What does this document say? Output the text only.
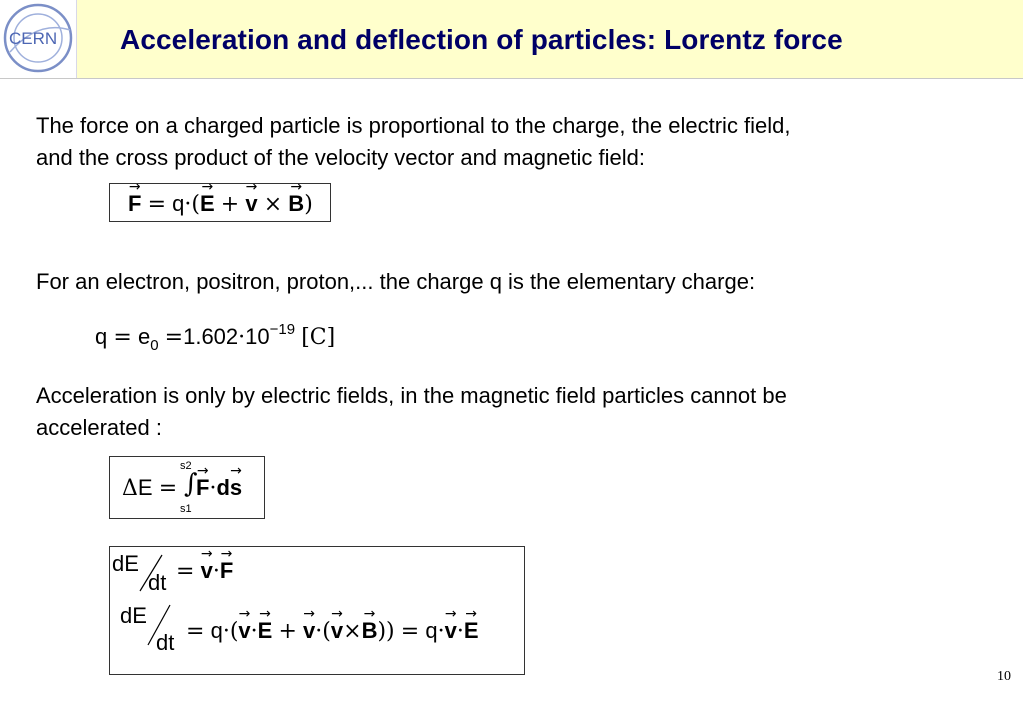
CERN Acceleration and deflection of particles: Lorentz force
The force on a charged particle is proportional to the charge, the electric field,
and the cross product of the velocity vector and magnetic field:
→ F = q·(→ E + → v × → B)
For an electron, positron, proton,... the charge q is the elementary charge:
$q = e_0 =1.602\cdot 10^{-19}$ [C]
Acceleration is only by electric fields, in the magnetic field particles cannot be
accelerated :
ΔE =
s2
∫
s1
→ F·d→ s
dE
dt = → v·→ F
dE
dt = q·(→ v·→ E + → v·(→ v×→ B)) = q·→ v·→ E
10
